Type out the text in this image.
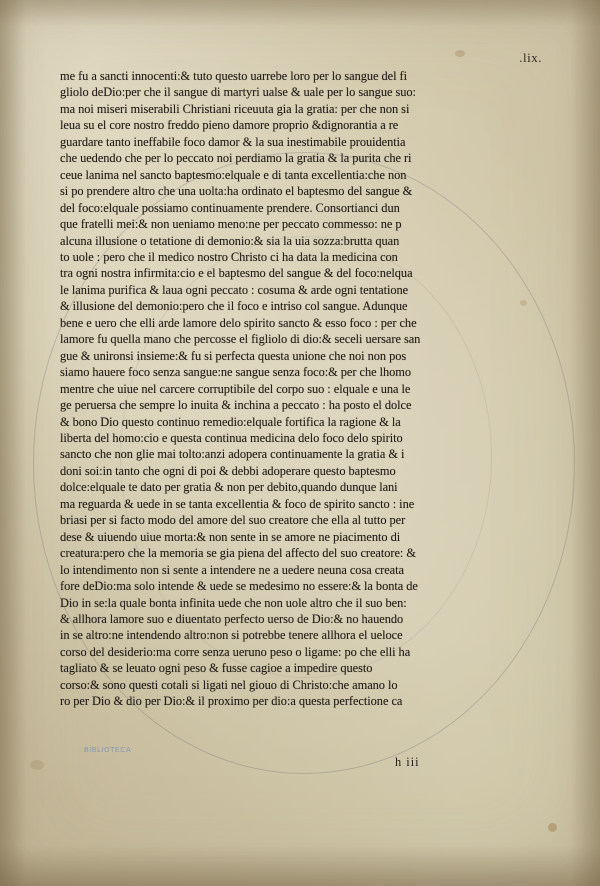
.lix.
me fu a sancti innocenti:& tuto questo uarrebe loro per lo sangue del fi
gliolo deDio:per che il sangue di martyri ualse & uale per lo sangue suo:
ma noi miseri miserabili Christiani riceuuta gia la gratia: per che non si
leua su el core nostro freddo pieno damore proprio &dignorantia a re
guardare tanto ineffabile foco damor & la sua inestimabile prouidentia
che uedendo che per lo peccato noi perdiamo la gratia & la purita che ri
ceue lanima nel sancto baptesmo:elquale e di tanta excellentia:che non
si po prendere altro che una uolta:ha ordinato el baptesmo del sangue &
del foco:elquale possiamo continuamente prendere. Consortianci dun
que fratelli mei:& non ueniamo meno:ne per peccato commesso: ne p
alcuna illusione o tetatione di demonio:& sia la uia sozza:brutta quan
to uole : pero che il medico nostro Christo ci ha data la medicina con
tra ogni nostra infirmita:cio e el baptesmo del sangue & del foco:nelqua
le lanima purifica & laua ogni peccato : cosuma & arde ogni tentatione
& illusione del demonio:pero che il foco e intriso col sangue. Adunque
bene e uero che elli arde lamore delo spirito sancto & esso foco : per che
lamore fu quella mano che percosse el figliolo di dio:& seceli uersare san
gue & unironsi insieme:& fu si perfecta questa unione che noi non pos
siamo hauere foco senza sangue:ne sangue senza foco:& per che lhomo
mentre che uiue nel carcere corruptibile del corpo suo : elquale e una le
ge peruersa che sempre lo inuita & inchina a peccato : ha posto el dolce
& bono Dio questo continuo remedio:elquale fortifica la ragione & la
liberta del homo:cio e questa continua medicina delo foco delo spirito
sancto che non glie mai tolto:anzi adopera continuamente la gratia & i
doni soi:in tanto che ogni di poi & debbi adoperare questo baptesmo
dolce:elquale te dato per gratia & non per debito,quando dunque lani
ma reguarda & uede in se tanta excellentia & foco de spirito sancto : ine
briasi per si facto modo del amore del suo creatore che ella al tutto per
dese & uiuendo uiue morta:& non sente in se amore ne piacimento di
creatura:pero che la memoria se gia piena del affecto del suo creatore: &
lo intendimento non si sente a intendere ne a uedere neuna cosa creata
fore deDio:ma solo intende & uede se medesimo no essere:& la bonta de
Dio in se:la quale bonta infinita uede che non uole altro che il suo ben:
& allhora lamore suo e diuentato perfecto uerso de Dio:& no hauendo
in se altro:ne intendendo altro:non si potrebbe tenere allhora el ueloce
corso del desiderio:ma corre senza ueruno peso o ligame: po che elli ha
tagliato & se leuato ogni peso & fusse cagioe a impedire questo
corso:& sono questi cotali si ligati nel giouo di Christo:che amano lo
ro per Dio & dio per Dio:& il proximo per dio:a questa perfectione ca
BIBLIOTECA
h iii
